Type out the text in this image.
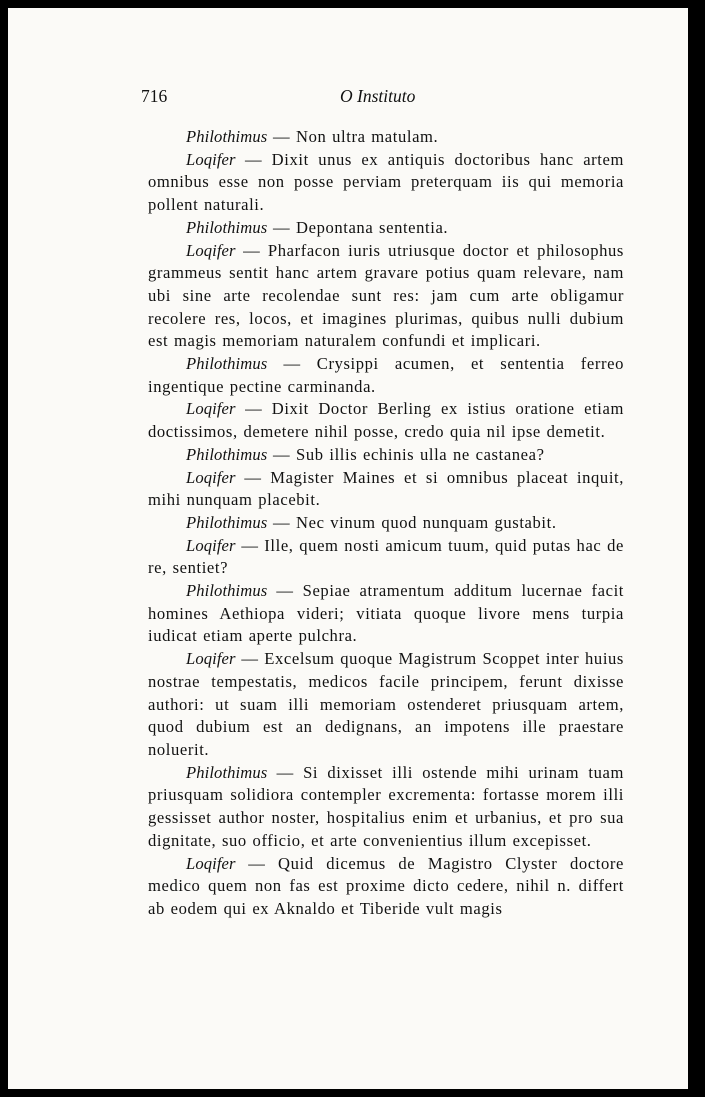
716	O Instituto

Philothimus — Non ultra matulam.

Loqifer — Dixit unus ex antiquis doctoribus hanc artem omnibus esse non posse perviam preterquam iis qui memoria pollent naturali.

Philothimus — Depontana sententia.

Loqifer — Pharfacon iuris utriusque doctor et philosophus grammeus sentit hanc artem gravare potius quam relevare, nam ubi sine arte recolendae sunt res: jam cum arte obligamur recolere res, locos, et imagines plurimas, quibus nulli dubium est magis memoriam naturalem confundi et implicari.

Philothimus — Crysippi acumen, et sententia ferreo ingentique pectine carminanda.

Loqifer — Dixit Doctor Berling ex istius oratione etiam doctissimos, demetere nihil posse, credo quia nil ipse demetit.

Philothimus — Sub illis echinis ulla ne castanea?

Loqifer — Magister Maines et si omnibus placeat inquit, mihi nunquam placebit.

Philothimus — Nec vinum quod nunquam gustabit.

Loqifer — Ille, quem nosti amicum tuum, quid putas hac de re, sentiet?

Philothimus — Sepiae atramentum additum lucernae facit homines Aethiopa videri; vitiata quoque livore mens turpia iudicat etiam aperte pulchra.

Loqifer — Excelsum quoque Magistrum Scoppet inter huius nostrae tempestatis, medicos facile principem, ferunt dixisse authori: ut suam illi memoriam ostenderet priusquam artem, quod dubium est an dedignans, an impotens ille praestare noluerit.

Philothimus — Si dixisset illi ostende mihi urinam tuam priusquam solidiora contempler excrementa: fortasse morem illi gessisset author noster, hospitalius enim et urbanius, et pro sua dignitate, suo officio, et arte convenientius illum excepisset.

Loqifer — Quid dicemus de Magistro Clyster doctore medico quem non fas est proxime dicto cedere, nihil n. differt ab eodem qui ex Aknaldo et Tiberide vult magis
